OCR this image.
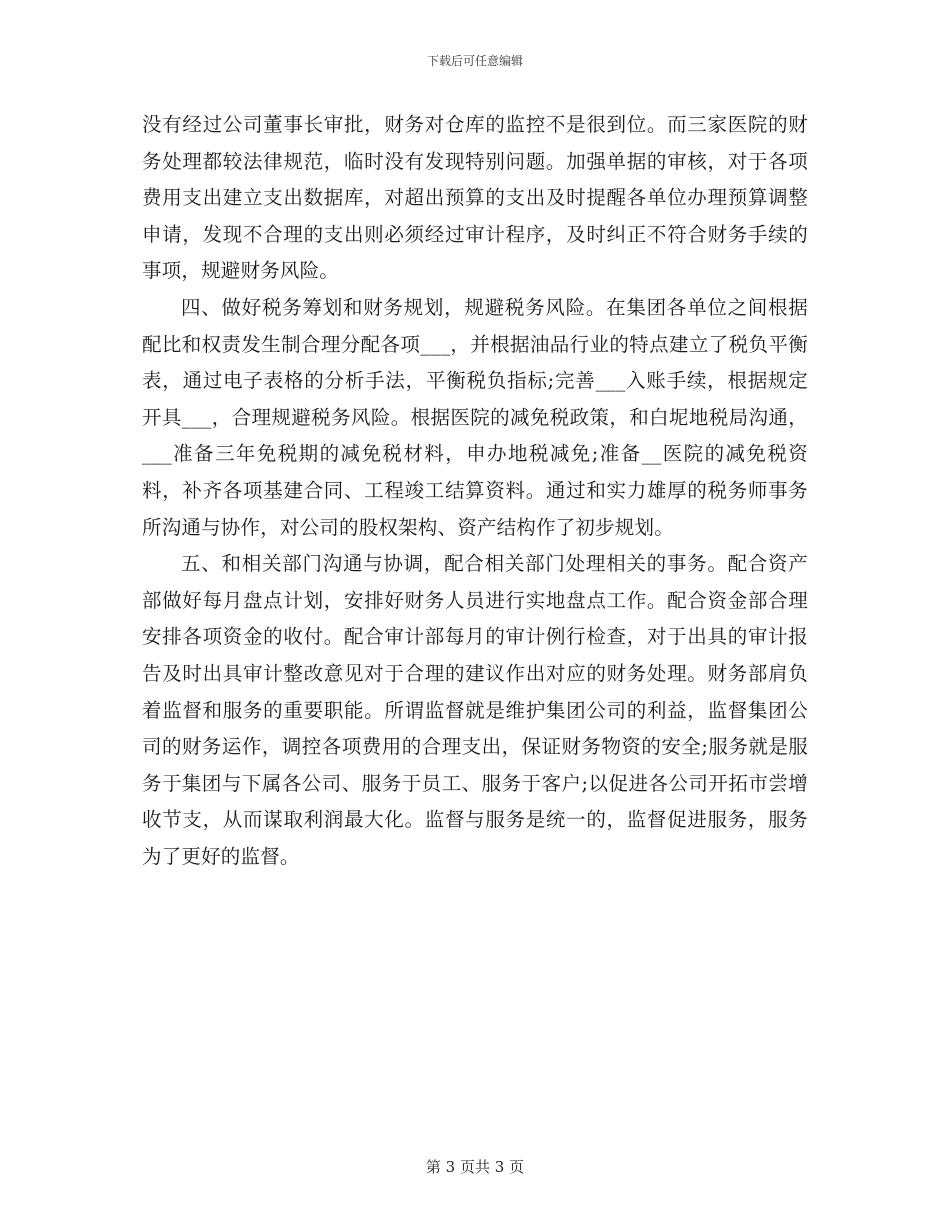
下载后可任意编辑

没有经过公司董事长审批，财务对仓库的监控不是很到位。而三家医院的财务处理都较法律规范，临时没有发现特别问题。加强单据的审核，对于各项费用支出建立支出数据库，对超出预算的支出及时提醒各单位办理预算调整申请，发现不合理的支出则必须经过审计程序，及时纠正不符合财务手续的事项，规避财务风险。

四、做好税务筹划和财务规划，规避税务风险。在集团各单位之间根据配比和权责发生制合理分配各项___，并根据油品行业的特点建立了税负平衡表，通过电子表格的分析手法，平衡税负指标;完善___入账手续，根据规定开具___，合理规避税务风险。根据医院的减免税政策，和白坭地税局沟通，___准备三年免税期的减免税材料，申办地税减免;准备__医院的减免税资料，补齐各项基建合同、工程竣工结算资料。通过和实力雄厚的税务师事务所沟通与协作，对公司的股权架构、资产结构作了初步规划。

五、和相关部门沟通与协调，配合相关部门处理相关的事务。配合资产部做好每月盘点计划，安排好财务人员进行实地盘点工作。配合资金部合理安排各项资金的收付。配合审计部每月的审计例行检查，对于出具的审计报告及时出具审计整改意见对于合理的建议作出对应的财务处理。财务部肩负着监督和服务的重要职能。所谓监督就是维护集团公司的利益，监督集团公司的财务运作，调控各项费用的合理支出，保证财务物资的安全;服务就是服务于集团与下属各公司、服务于员工、服务于客户;以促进各公司开拓市尝增收节支，从而谋取利润最大化。监督与服务是统一的，监督促进服务，服务为了更好的监督。

第 3 页共 3 页
